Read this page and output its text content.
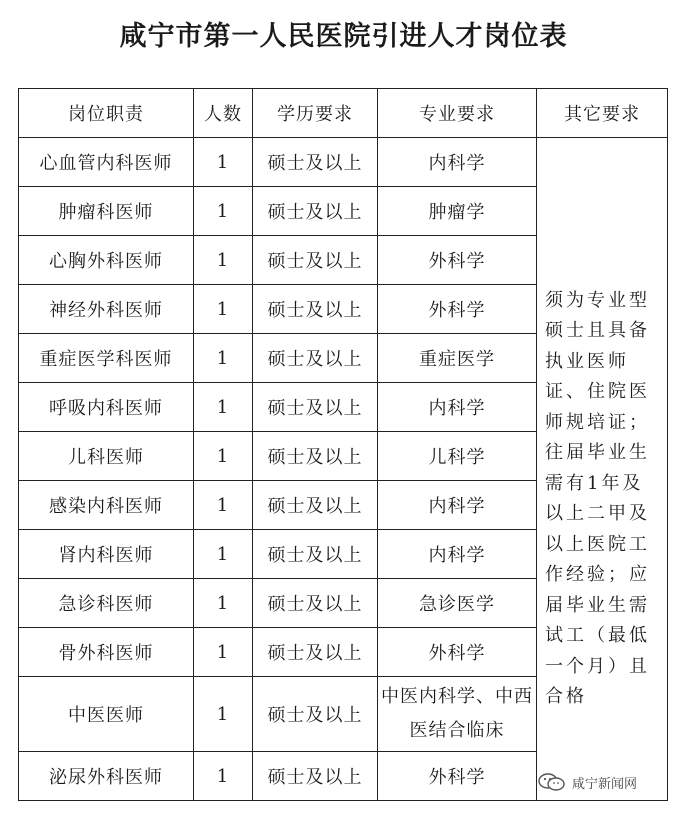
咸宁市第一人民医院引进人才岗位表
岗位职责	人数	学历要求	专业要求	其它要求
心血管内科医师	1	硕士及以上	内科学	须为专业型硕士且具备执业医师证、住院医师规培证；往届毕业生需有1年及以上二甲及以上医院工作经验；应届毕业生需试工（最低一个月）且合格
肿瘤科医师	1	硕士及以上	肿瘤学	
心胸外科医师	1	硕士及以上	外科学	
神经外科医师	1	硕士及以上	外科学	
重症医学科医师	1	硕士及以上	重症医学	
呼吸内科医师	1	硕士及以上	内科学	
儿科医师	1	硕士及以上	儿科学	
感染内科医师	1	硕士及以上	内科学	
肾内科医师	1	硕士及以上	内科学	
急诊科医师	1	硕士及以上	急诊医学	
骨外科医师	1	硕士及以上	外科学	
中医医师	1	硕士及以上	中医内科学、中西医结合临床	
泌尿外科医师	1	硕士及以上	外科学		咸宁新闻网
